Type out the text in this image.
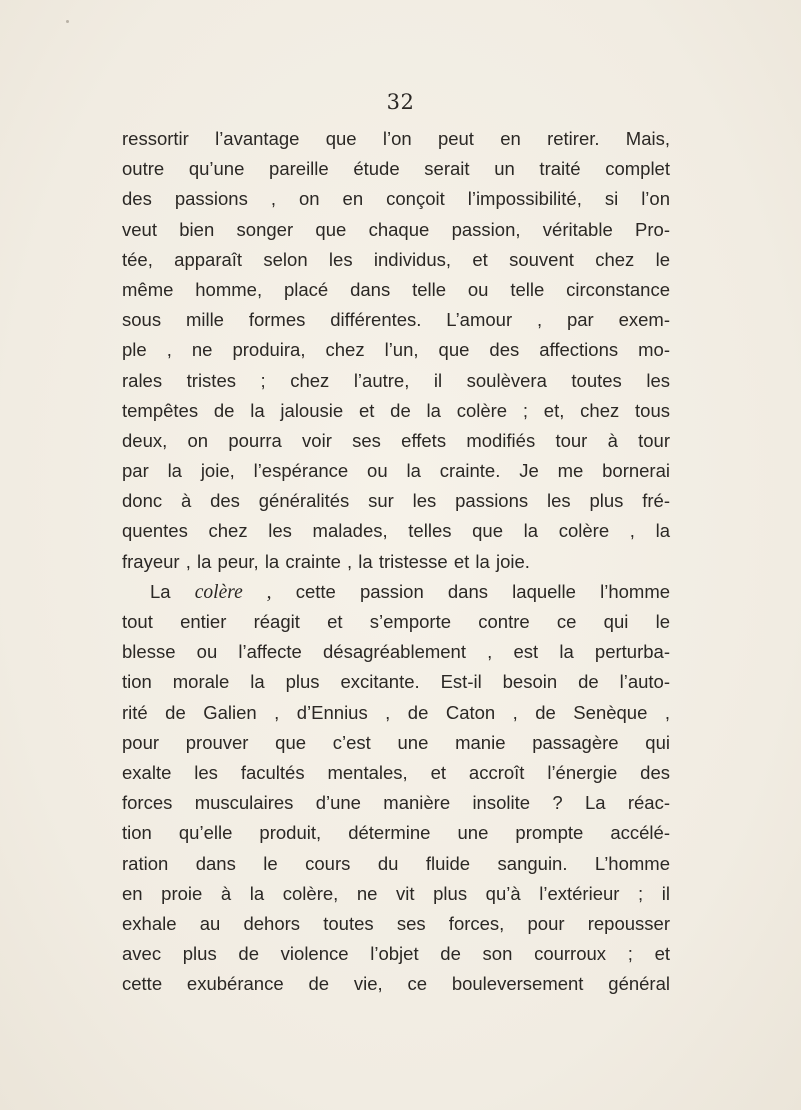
32
ressortir l’avantage que l’on peut en retirer. Mais,
outre qu’une pareille étude serait un traité complet
des passions , on en conçoit l’impossibilité, si l’on
veut bien songer que chaque passion, véritable Pro-
tée, apparaît selon les individus, et souvent chez le
même homme, placé dans telle ou telle circonstance
sous mille formes différentes. L’amour , par exem-
ple , ne produira, chez l’un, que des affections mo-
rales tristes ; chez l’autre, il soulèvera toutes les
tempêtes de la jalousie et de la colère ; et, chez tous
deux, on pourra voir ses effets modifiés tour à tour
par la joie, l’espérance ou la crainte. Je me bornerai
donc à des généralités sur les passions les plus fré-
quentes chez les malades, telles que la colère , la
frayeur , la peur, la crainte , la tristesse et la joie.
La colère , cette passion dans laquelle l’homme
tout entier réagit et s’emporte contre ce qui le
blesse ou l’affecte désagréablement , est la perturba-
tion morale la plus excitante. Est-il besoin de l’auto-
rité de Galien , d’Ennius , de Caton , de Senèque ,
pour prouver que c’est une manie passagère qui
exalte les facultés mentales, et accroît l’énergie des
forces musculaires d’une manière insolite ? La réac-
tion qu’elle produit, détermine une prompte accélé-
ration dans le cours du fluide sanguin. L’homme
en proie à la colère, ne vit plus qu’à l’extérieur ; il
exhale au dehors toutes ses forces, pour repousser
avec plus de violence l’objet de son courroux ; et
cette exubérance de vie, ce bouleversement général
